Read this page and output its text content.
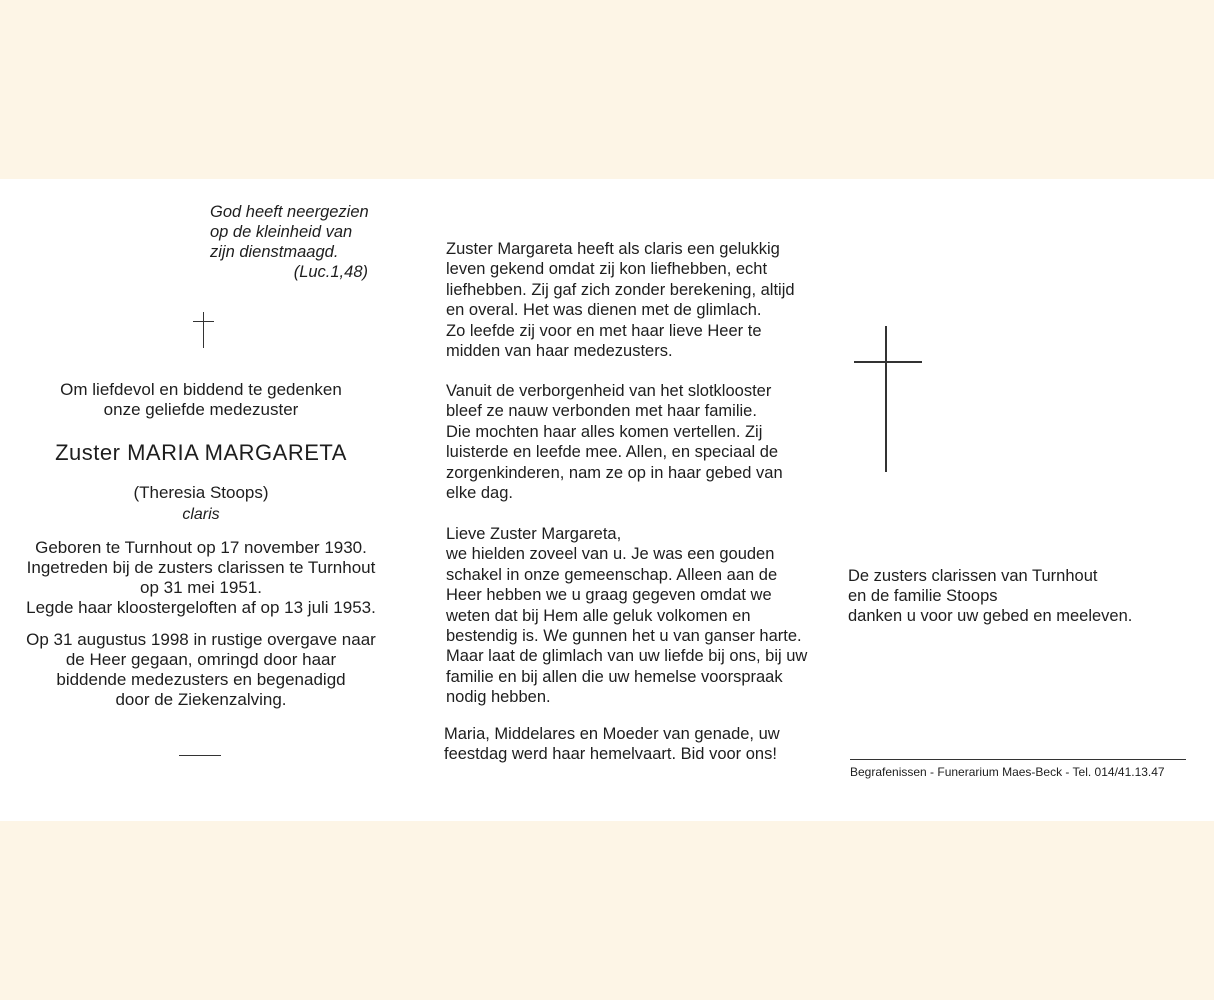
God heeft neergezien
op de kleinheid van
zijn dienstmaagd.
(Luc.1,48)
Om liefdevol en biddend te gedenken
onze geliefde medezuster
Zuster MARIA MARGARETA
(Theresia Stoops)
claris
Geboren te Turnhout op 17 november 1930.
Ingetreden bij de zusters clarissen te Turnhout
op 31 mei 1951.
Legde haar kloostergeloften af op 13 juli 1953.
Op 31 augustus 1998 in rustige overgave naar
de Heer gegaan, omringd door haar
biddende medezusters en begenadigd
door de Ziekenzalving.
Zuster Margareta heeft als claris een gelukkig
leven gekend omdat zij kon liefhebben, echt
liefhebben. Zij gaf zich zonder berekening, altijd
en overal. Het was dienen met de glimlach.
Zo leefde zij voor en met haar lieve Heer te
midden van haar medezusters.
Vanuit de verborgenheid van het slotklooster
bleef ze nauw verbonden met haar familie.
Die mochten haar alles komen vertellen. Zij
luisterde en leefde mee. Allen, en speciaal de
zorgenkinderen, nam ze op in haar gebed van
elke dag.
Lieve Zuster Margareta,
we hielden zoveel van u. Je was een gouden
schakel in onze gemeenschap. Alleen aan de
Heer hebben we u graag gegeven omdat we
weten dat bij Hem alle geluk volkomen en
bestendig is. We gunnen het u van ganser harte.
Maar laat de glimlach van uw liefde bij ons, bij uw
familie en bij allen die uw hemelse voorspraak
nodig hebben.
Maria, Middelares en Moeder van genade, uw
feestdag werd haar hemelvaart. Bid voor ons!
De zusters clarissen van Turnhout
en de familie Stoops
danken u voor uw gebed en meeleven.
Begrafenissen - Funerarium Maes-Beck - Tel. 014/41.13.47
